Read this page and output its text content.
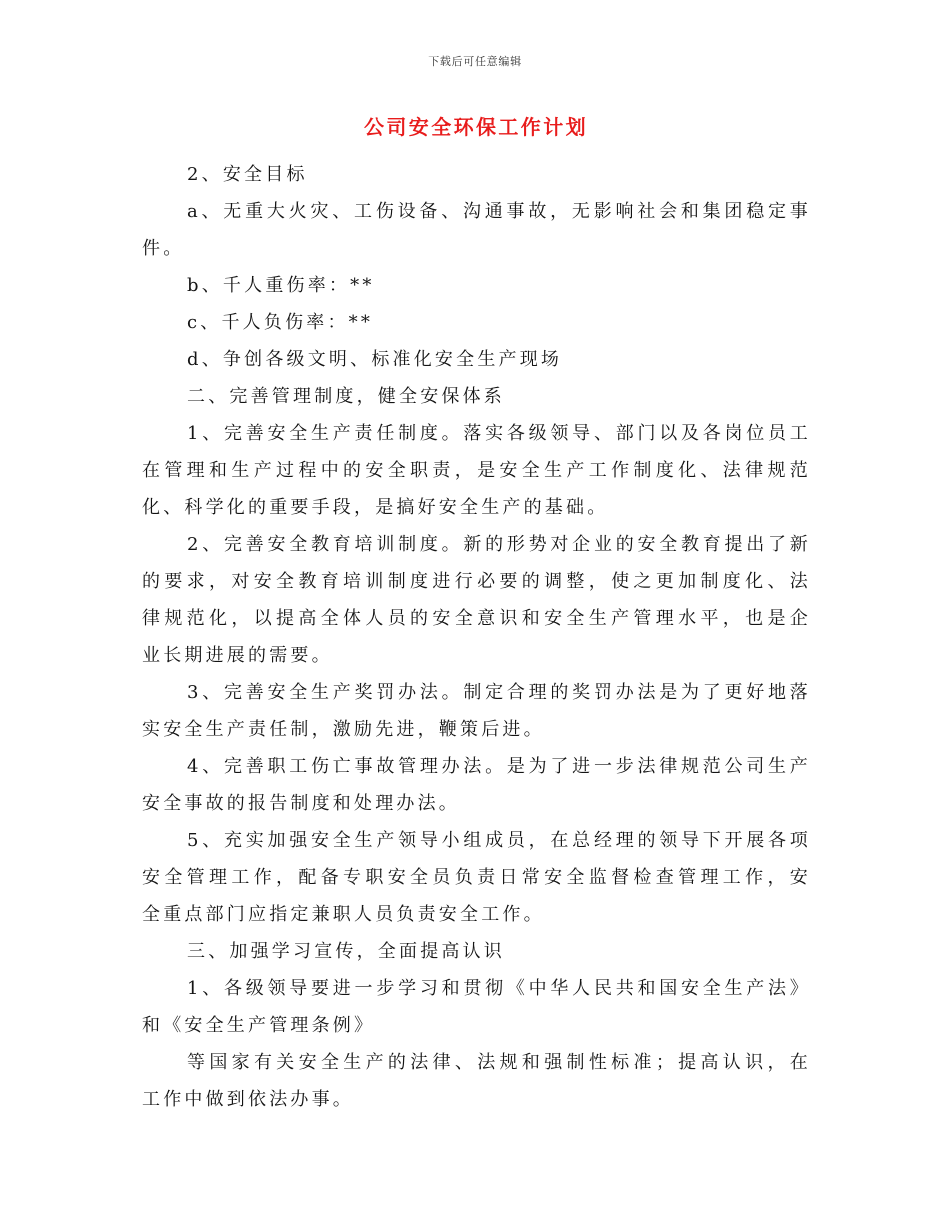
下载后可任意编辑
公司安全环保工作计划
2、安全目标
a、无重大火灾、工伤设备、沟通事故，无影响社会和集团稳定事
件。
b、千人重伤率：**
c、千人负伤率：**
d、争创各级文明、标准化安全生产现场
二、完善管理制度，健全安保体系
1、完善安全生产责任制度。落实各级领导、部门以及各岗位员工
在管理和生产过程中的安全职责，是安全生产工作制度化、法律规范
化、科学化的重要手段，是搞好安全生产的基础。
2、完善安全教育培训制度。新的形势对企业的安全教育提出了新
的要求，对安全教育培训制度进行必要的调整，使之更加制度化、法
律规范化，以提高全体人员的安全意识和安全生产管理水平，也是企
业长期进展的需要。
3、完善安全生产奖罚办法。制定合理的奖罚办法是为了更好地落
实安全生产责任制，激励先进，鞭策后进。
4、完善职工伤亡事故管理办法。是为了进一步法律规范公司生产
安全事故的报告制度和处理办法。
5、充实加强安全生产领导小组成员，在总经理的领导下开展各项
安全管理工作，配备专职安全员负责日常安全监督检查管理工作，安
全重点部门应指定兼职人员负责安全工作。
三、加强学习宣传，全面提高认识
1、各级领导要进一步学习和贯彻《中华人民共和国安全生产法》
和《安全生产管理条例》
等国家有关安全生产的法律、法规和强制性标准；提高认识，在
工作中做到依法办事。
